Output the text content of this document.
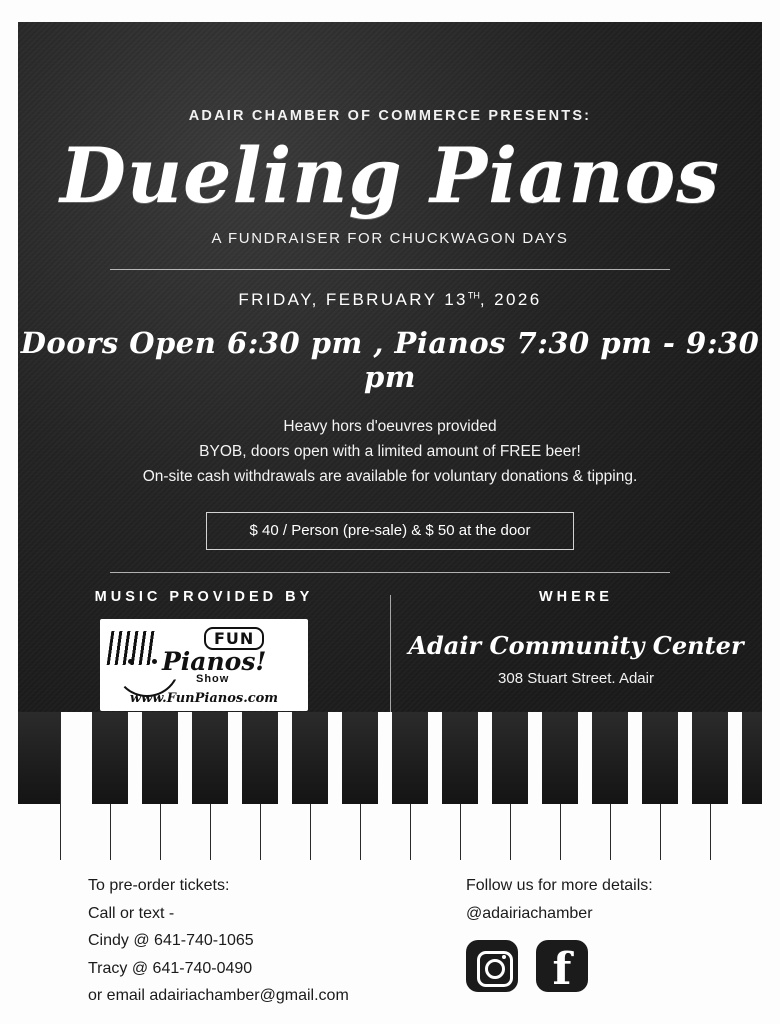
ADAIR CHAMBER OF COMMERCE PRESENTS:
Dueling Pianos
A FUNDRAISER FOR CHUCKWAGON DAYS
FRIDAY, FEBRUARY 13TH, 2026
Doors Open 6:30 pm , Pianos 7:30 pm - 9:30 pm
Heavy hors d'oeuvres provided
BYOB, doors open with a limited amount of FREE beer!
On-site cash withdrawals are available for voluntary donations & tipping.
$ 40 / Person (pre-sale) & $ 50 at the door
MUSIC PROVIDED BY
FUN
Pianos!
Show
www.FunPianos.com
WHERE
Adair Community Center
308 Stuart Street. Adair
To pre-order tickets:
Call or text -
Cindy @ 641-740-1065
Tracy @ 641-740-0490
or email adairiachamber@gmail.com
Follow us for more details:
@adairiachamber
f
